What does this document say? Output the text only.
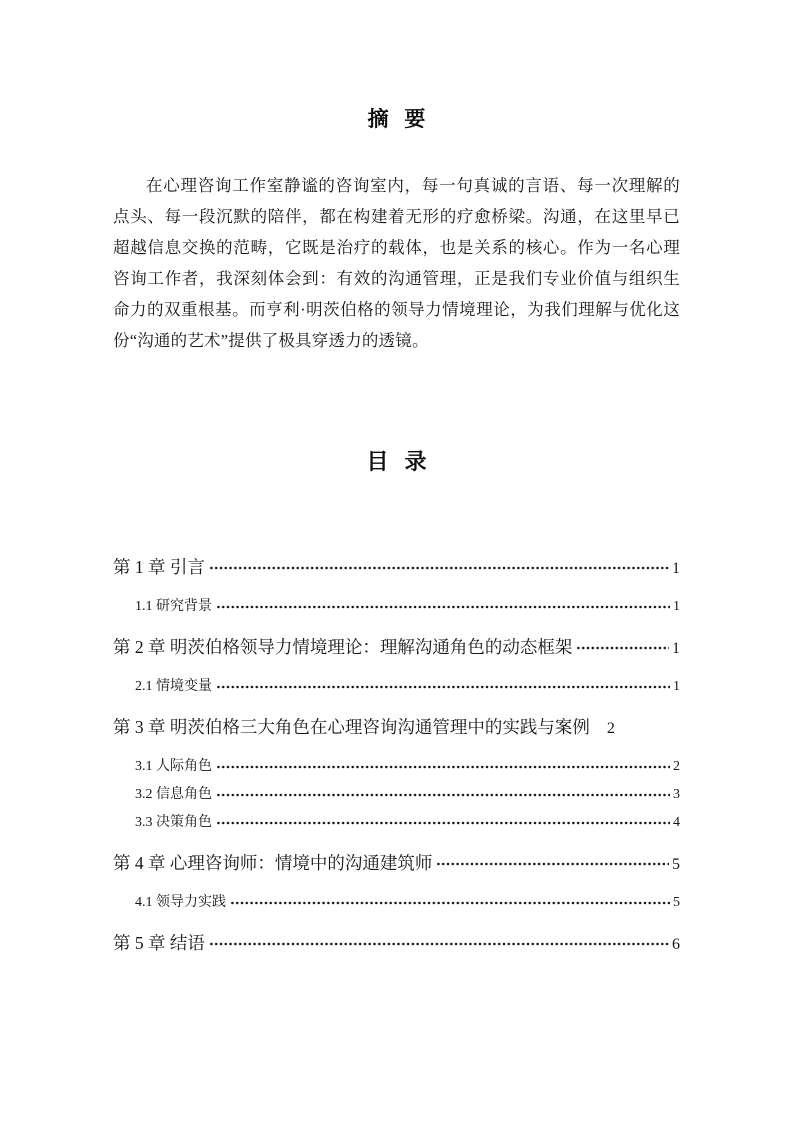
摘 要
在心理咨询工作室静谧的咨询室内，每一句真诚的言语、每一次理解的点头、每一段沉默的陪伴，都在构建着无形的疗愈桥梁。沟通，在这里早已超越信息交换的范畴，它既是治疗的载体，也是关系的核心。作为一名心理咨询工作者，我深刻体会到：有效的沟通管理，正是我们专业价值与组织生命力的双重根基。而亨利·明茨伯格的领导力情境理论，为我们理解与优化这份“沟通的艺术”提供了极具穿透力的透镜。
目 录
第 1 章 引言	1
1.1 研究背景	1
第 2 章 明茨伯格领导力情境理论：理解沟通角色的动态框架	1
2.1 情境变量	1
第 3 章 明茨伯格三大角色在心理咨询沟通管理中的实践与案例 2
3.1 人际角色	2
3.2 信息角色	3
3.3 决策角色	4
第 4 章 心理咨询师：情境中的沟通建筑师	5
4.1 领导力实践	5
第 5 章 结语	6
